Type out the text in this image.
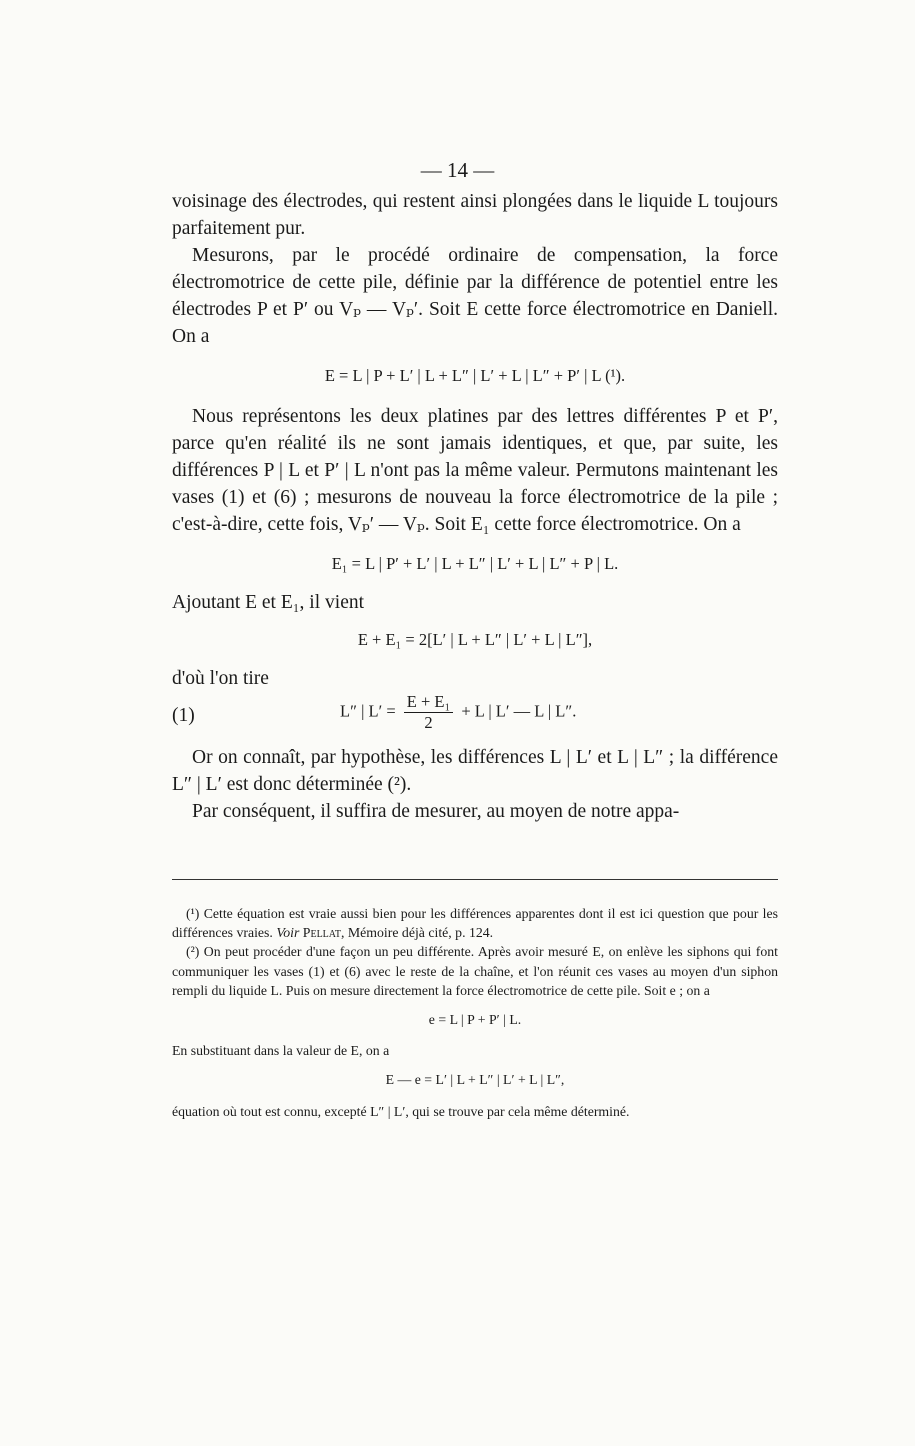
— 14 —

voisinage des électrodes, qui restent ainsi plongées dans le liquide L toujours parfaitement pur.

Mesurons, par le procédé ordinaire de compensation, la force électromotrice de cette pile, définie par la différence de potentiel entre les électrodes P et P′ ou Vₚ — Vₚ′. Soit E cette force électromotrice en Daniell. On a

E = L | P + L′ | L + L″ | L′ + L | L″ + P′ | L (¹).

Nous représentons les deux platines par des lettres différentes P et P′, parce qu'en réalité ils ne sont jamais identiques, et que, par suite, les différences P | L et P′ | L n'ont pas la même valeur. Permutons maintenant les vases (1) et (6) ; mesurons de nouveau la force électromotrice de la pile ; c'est-à-dire, cette fois, Vₚ′ — Vₚ. Soit E₁ cette force électromotrice. On a

E₁ = L | P′ + L′ | L + L″ | L′ + L | L″ + P | L.

Ajoutant E et E₁, il vient

E + E₁ = 2[L′ | L + L″ | L′ + L | L″],

d'où l'on tire

(1)	L″ | $L' = \frac{\text{E + E₁}}{2} + L$ | L′ — L | L″.

Or on connaît, par hypothèse, les différences L | L′ et L | L″ ; la différence L″ | L′ est donc déterminée (²).

Par conséquent, il suffira de mesurer, au moyen de notre appa-

(¹) Cette équation est vraie aussi bien pour les différences apparentes dont il est ici question que pour les différences vraies. Voir Pellat, Mémoire déjà cité, p. 124.

(²) On peut procéder d'une façon un peu différente. Après avoir mesuré E, on enlève les siphons qui font communiquer les vases (1) et (6) avec le reste de la chaîne, et l'on réunit ces vases au moyen d'un siphon rempli du liquide L. Puis on mesure directement la force électromotrice de cette pile. Soit e ; on a

e = L | P + P′ | L.

En substituant dans la valeur de E, on a

E — e = L′ | L + L″ | L′ + L | L″,

équation où tout est connu, excepté L″ | L′, qui se trouve par cela même déterminé.
